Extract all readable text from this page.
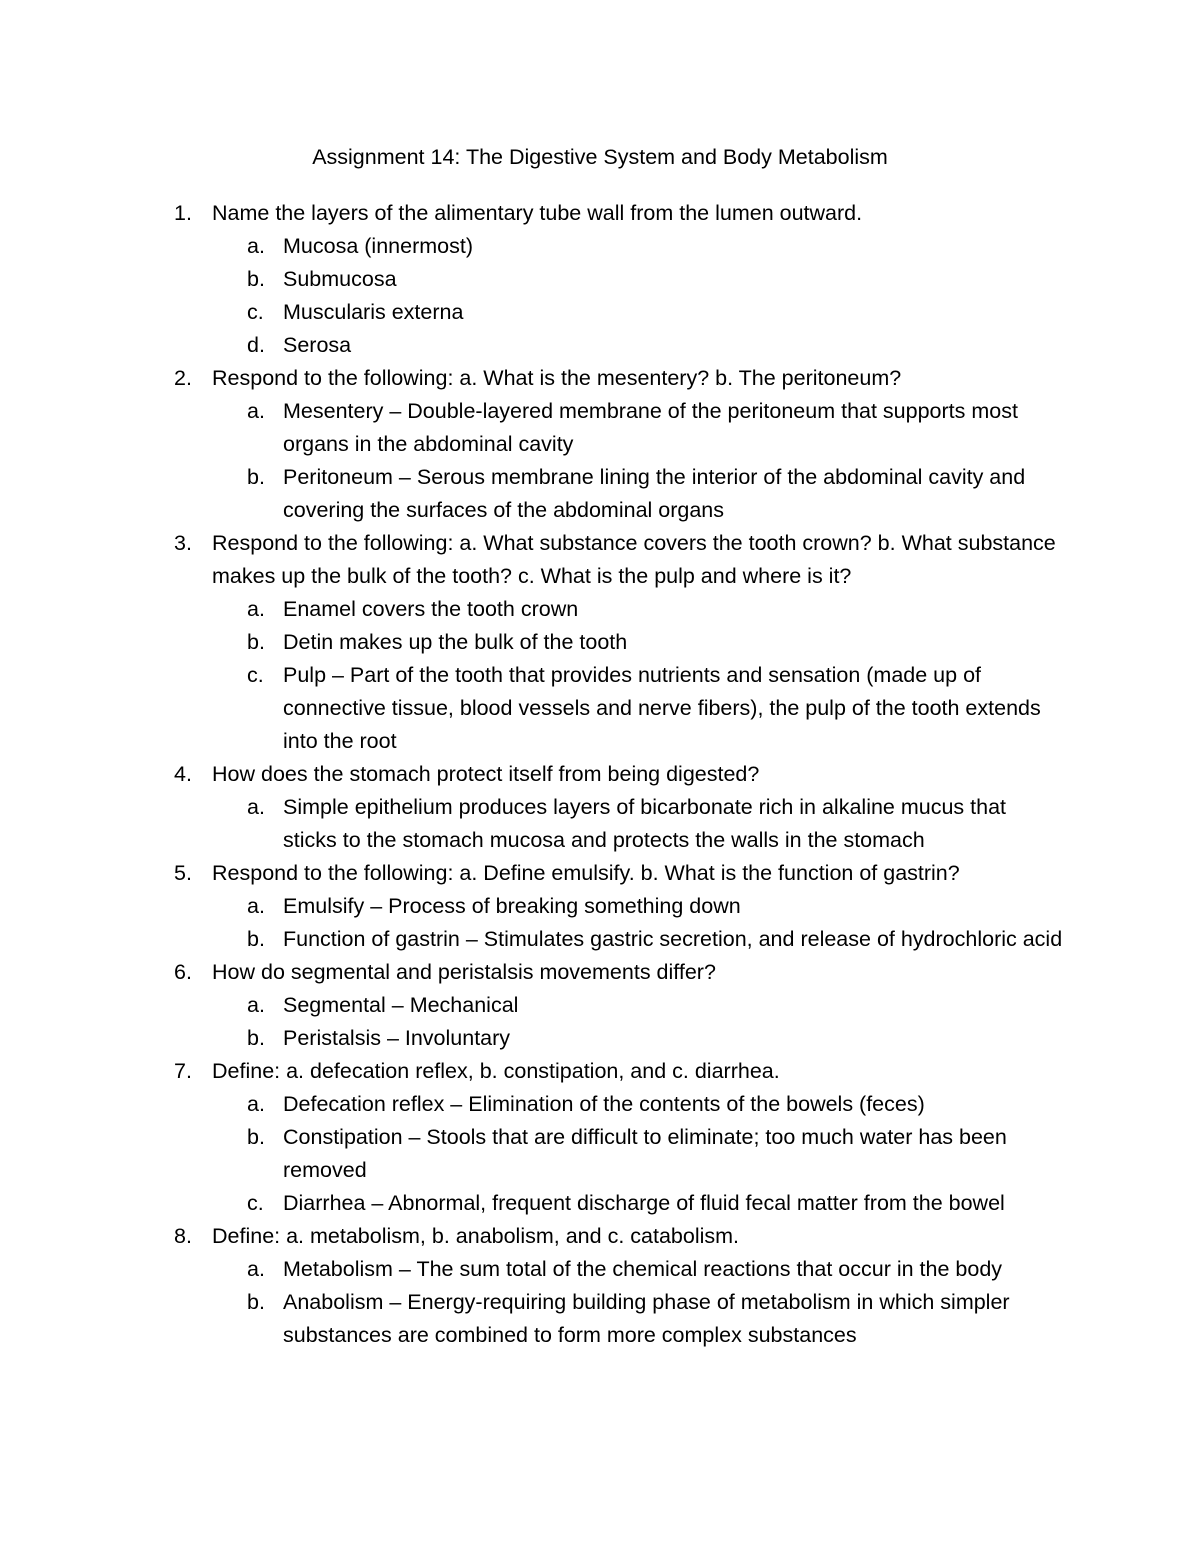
Assignment 14: The Digestive System and Body Metabolism
1. Name the layers of the alimentary tube wall from the lumen outward.
a. Mucosa (innermost)
b. Submucosa
c. Muscularis externa
d. Serosa
2. Respond to the following: a. What is the mesentery? b. The peritoneum?
a. Mesentery – Double-layered membrane of the peritoneum that supports most
organs in the abdominal cavity
b. Peritoneum – Serous membrane lining the interior of the abdominal cavity and
covering the surfaces of the abdominal organs
3. Respond to the following: a. What substance covers the tooth crown? b. What substance
makes up the bulk of the tooth? c. What is the pulp and where is it?
a. Enamel covers the tooth crown
b. Detin makes up the bulk of the tooth
c. Pulp – Part of the tooth that provides nutrients and sensation (made up of
connective tissue, blood vessels and nerve fibers), the pulp of the tooth extends
into the root
4. How does the stomach protect itself from being digested?
a. Simple epithelium produces layers of bicarbonate rich in alkaline mucus that
sticks to the stomach mucosa and protects the walls in the stomach
5. Respond to the following: a. Define emulsify. b. What is the function of gastrin?
a. Emulsify – Process of breaking something down
b. Function of gastrin – Stimulates gastric secretion, and release of hydrochloric acid
6. How do segmental and peristalsis movements differ?
a. Segmental – Mechanical
b. Peristalsis – Involuntary
7. Define: a. defecation reflex, b. constipation, and c. diarrhea.
a. Defecation reflex – Elimination of the contents of the bowels (feces)
b. Constipation – Stools that are difficult to eliminate; too much water has been
removed
c. Diarrhea – Abnormal, frequent discharge of fluid fecal matter from the bowel
8. Define: a. metabolism, b. anabolism, and c. catabolism.
a. Metabolism – The sum total of the chemical reactions that occur in the body
b. Anabolism – Energy-requiring building phase of metabolism in which simpler
substances are combined to form more complex substances
